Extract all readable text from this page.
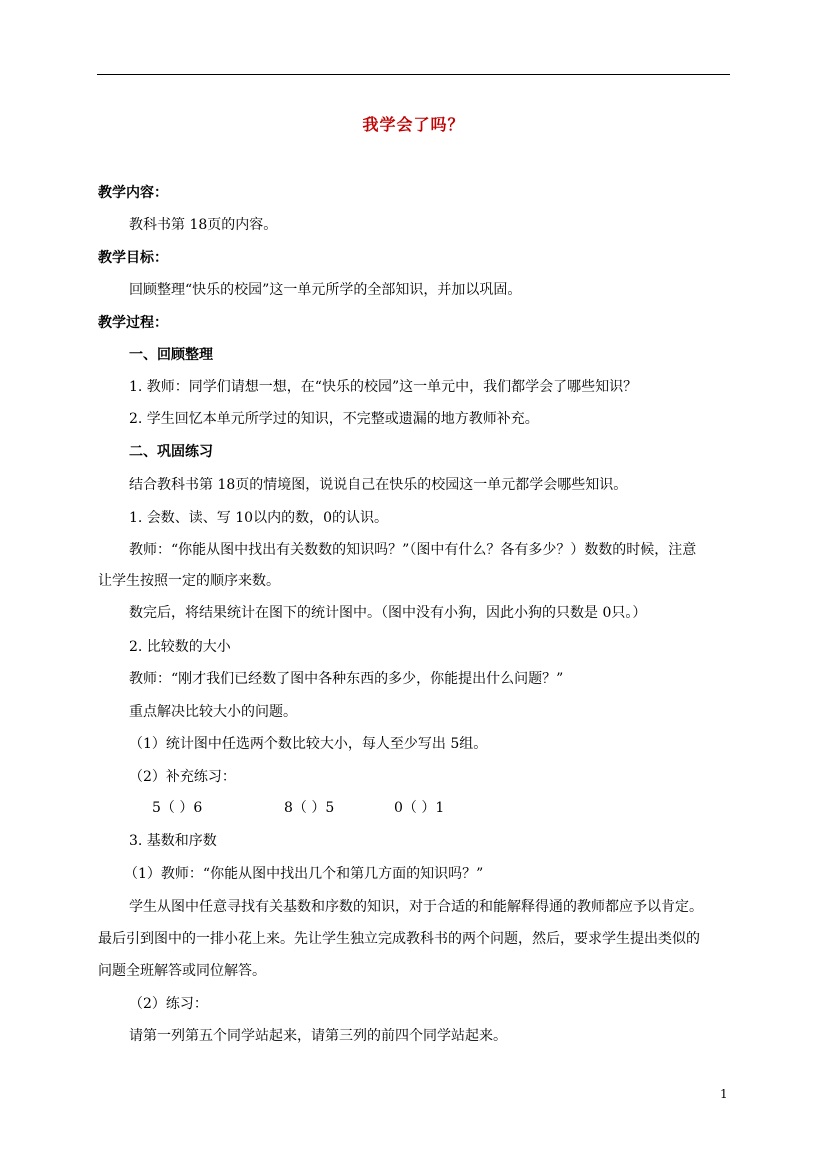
我学会了吗？
教学内容：
教科书第 18页的内容。
教学目标：
回顾整理“快乐的校园”这一单元所学的全部知识，并加以巩固。
教学过程：
一、回顾整理
1. 教师：同学们请想一想，在“快乐的校园”这一单元中，我们都学会了哪些知识？
2. 学生回忆本单元所学过的知识，不完整或遗漏的地方教师补充。
二、巩固练习
结合教科书第 18页的情境图，说说自己在快乐的校园这一单元都学会哪些知识。
1. 会数、读、写 10以内的数，0的认识。
教师：“你能从图中找出有关数数的知识吗？”（图中有什么？各有多少？）数数的时候，注意
让学生按照一定的顺序来数。
数完后，将结果统计在图下的统计图中。（图中没有小狗，因此小狗的只数是 0只。）
2. 比较数的大小
教师：“刚才我们已经数了图中各种东西的多少，你能提出什么问题？”
重点解决比较大小的问题。
（1）统计图中任选两个数比较大小，每人至少写出 5组。
（2）补充练习：
5（ ）6	8（ ）5	0（ ）1
3. 基数和序数
（1）教师：“你能从图中找出几个和第几方面的知识吗？”
学生从图中任意寻找有关基数和序数的知识，对于合适的和能解释得通的教师都应予以肯定。
最后引到图中的一排小花上来。先让学生独立完成教科书的两个问题，然后，要求学生提出类似的
问题全班解答或同位解答。
（2）练习：
请第一列第五个同学站起来，请第三列的前四个同学站起来。
1
